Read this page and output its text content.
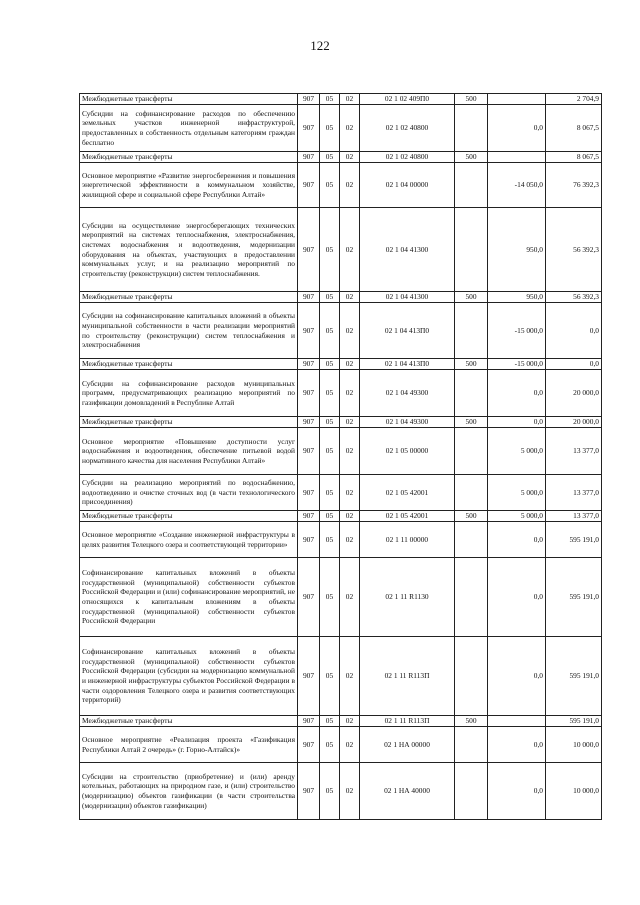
122
Межбюджетные трансферты	907	05	02	02 1 02 409П0	500		2 704,9
Субсидии на софинансирование расходов по обеспечению земельных участков инженерной инфраструктурой, предоставленных в собственность отдельным категориям граждан бесплатно	907	05	02	02 1 02 40800		0,0	8 067,5
Межбюджетные трансферты	907	05	02	02 1 02 40800	500		8 067,5
Основное мероприятие «Развитие энергосбережения и повышения энергетической эффективности в коммунальном хозяйстве, жилищной сфере и социальной сфере Республики Алтай»	907	05	02	02 1 04 00000		-14 050,0	76 392,3
Субсидии на осуществление энергосберегающих технических мероприятий на системах теплоснабжения, электроснабжения, системах водоснабжения и водоотведения, модернизации оборудования на объектах, участвующих в предоставлении коммунальных услуг, и на реализацию мероприятий по строительству (реконструкции) систем теплоснабжения.	907	05	02	02 1 04 41300		950,0	56 392,3
Межбюджетные трансферты	907	05	02	02 1 04 41300	500	950,0	56 392,3
Субсидии на софинансирование капитальных вложений в объекты муниципальной собственности в части реализации мероприятий по строительству (реконструкции) систем теплоснабжения и электроснабжения	907	05	02	02 1 04 413П0		-15 000,0	0,0
Межбюджетные трансферты	907	05	02	02 1 04 413П0	500	-15 000,0	0,0
Субсидии на софинансирование расходов муниципальных программ, предусматривающих реализацию мероприятий по газификации домовладений в Республике Алтай	907	05	02	02 1 04 49300		0,0	20 000,0
Межбюджетные трансферты	907	05	02	02 1 04 49300	500	0,0	20 000,0
Основное мероприятие «Повышение доступности услуг водоснабжения и водоотведения, обеспечение питьевой водой нормативного качества для населения Республики Алтай»	907	05	02	02 1 05 00000		5 000,0	13 377,0
Субсидии на реализацию мероприятий по водоснабжению, водоотведению и очистке сточных вод (в части технологического присоединения)	907	05	02	02 1 05 42001		5 000,0	13 377,0
Межбюджетные трансферты	907	05	02	02 1 05 42001	500	5 000,0	13 377,0
Основное мероприятие «Создание инженерной инфраструктуры в целях развития Телецкого озера и соответствующей территории»	907	05	02	02 1 11 00000		0,0	595 191,0
Софинансирование капитальных вложений в объекты государственной (муниципальной) собственности субъектов Российской Федерации и (или) софинансирование мероприятий, не относящихся к капитальным вложениям в объекты государственной (муниципальной) собственности субъектов Российской Федерации	907	05	02	02 1 11 R1130		0,0	595 191,0
Софинансирование капитальных вложений в объекты государственной (муниципальной) собственности субъектов Российской Федерации (субсидии на модернизацию коммунальной и инженерной инфраструктуры субъектов Российской Федерации в части оздоровления Телецкого озера и развития соответствующих территорий)	907	05	02	02 1 11 R113П		0,0	595 191,0
Межбюджетные трансферты	907	05	02	02 1 11 R113П	500		595 191,0
Основное мероприятие «Реализация проекта «Газификация Республики Алтай 2 очередь» (г. Горно-Алтайск)»	907	05	02	02 1 НА 00000		0,0	10 000,0
Субсидии на строительство (приобретение) и (или) аренду котельных, работающих на природном газе, и (или) строительство (модернизацию) объектов газификации (в части строительства (модернизации) объектов газификации)	907	05	02	02 1 НА 40000		0,0	10 000,0
